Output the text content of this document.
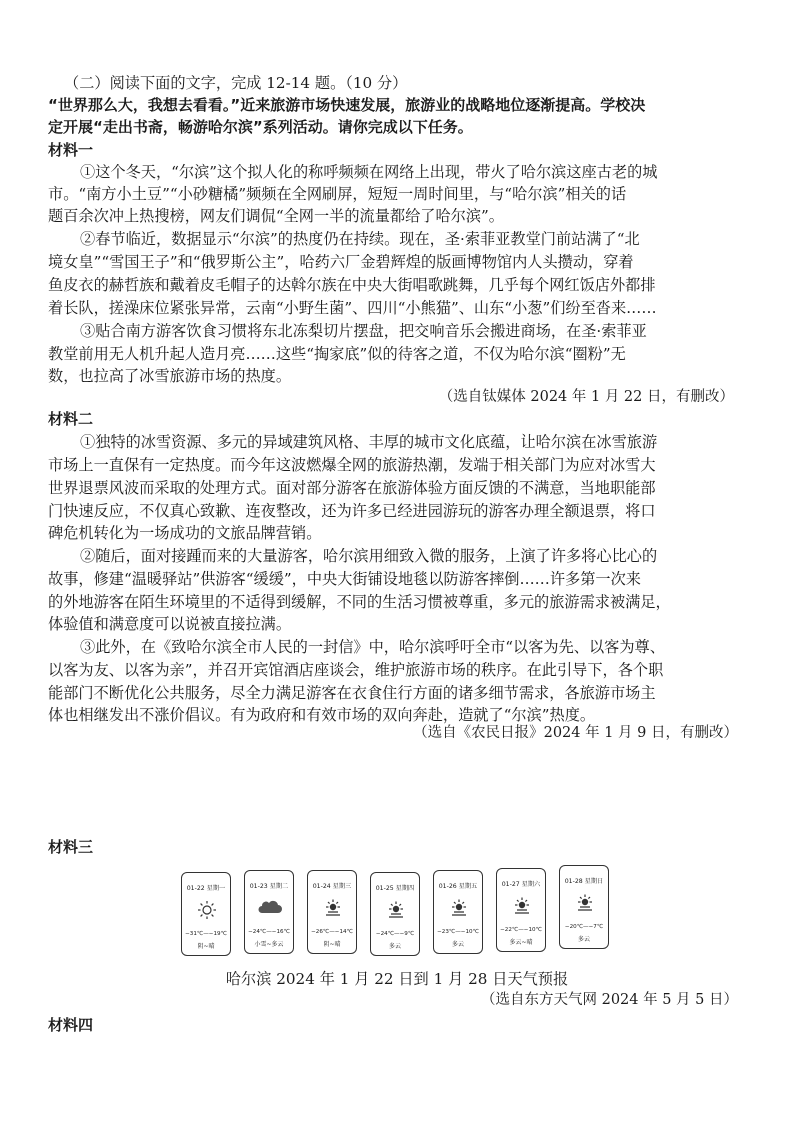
（二）阅读下面的文字，完成 12-14 题。（10 分）
“世界那么大，我想去看看。”近来旅游市场快速发展，旅游业的战略地位逐渐提高。学校决
定开展“走出书斋，畅游哈尔滨”系列活动。请你完成以下任务。
材料一
①这个冬天，“尔滨”这个拟人化的称呼频频在网络上出现，带火了哈尔滨这座古老的城
市。“南方小土豆”“小砂糖橘”频频在全网刷屏，短短一周时间里，与“哈尔滨”相关的话
题百余次冲上热搜榜，网友们调侃“全网一半的流量都给了哈尔滨”。
②春节临近，数据显示“尔滨”的热度仍在持续。现在，圣·索菲亚教堂门前站满了“北
境女皇”“雪国王子”和“俄罗斯公主”，哈药六厂金碧辉煌的版画博物馆内人头攒动，穿着
鱼皮衣的赫哲族和戴着皮毛帽子的达斡尔族在中央大街唱歌跳舞，几乎每个网红饭店外都排
着长队，搓澡床位紧张异常，云南“小野生菌”、四川“小熊猫”、山东“小葱”们纷至沓来……
③贴合南方游客饮食习惯将东北冻梨切片摆盘，把交响音乐会搬进商场，在圣·索菲亚
教堂前用无人机升起人造月亮……这些“掏家底”似的待客之道，不仅为哈尔滨“圈粉”无
数，也拉高了冰雪旅游市场的热度。
（选自钛媒体 2024 年 1 月 22 日，有删改）
材料二
①独特的冰雪资源、多元的异域建筑风格、丰厚的城市文化底蕴，让哈尔滨在冰雪旅游
市场上一直保有一定热度。而今年这波燃爆全网的旅游热潮，发端于相关部门为应对冰雪大
世界退票风波而采取的处理方式。面对部分游客在旅游体验方面反馈的不满意，当地职能部
门快速反应，不仅真心致歉、连夜整改，还为许多已经进园游玩的游客办理全额退票，将口
碑危机转化为一场成功的文旅品牌营销。
②随后，面对接踵而来的大量游客，哈尔滨用细致入微的服务，上演了许多将心比心的
故事，修建“温暖驿站”供游客“缓缓”，中央大街铺设地毯以防游客摔倒……许多第一次来
的外地游客在陌生环境里的不适得到缓解，不同的生活习惯被尊重，多元的旅游需求被满足，
体验值和满意度可以说被直接拉满。
③此外，在《致哈尔滨全市人民的一封信》中，哈尔滨呼吁全市“以客为先、以客为尊、
以客为友、以客为亲”，并召开宾馆酒店座谈会，维护旅游市场的秩序。在此引导下，各个职
能部门不断优化公共服务，尽全力满足游客在衣食住行方面的诸多细节需求，各旅游市场主
体也相继发出不涨价倡议。有为政府和有效市场的双向奔赴，造就了“尔滨”热度。
（选自《农民日报》2024 年 1 月 9 日，有删改）
材料三
01-22 星期一
−31℃—−19℃
阴~晴
01-23 星期二
−24℃—−16℃
小雪~多云
01-24 星期三
−26℃—−14℃
阴~晴
01-25 星期四
−24℃—−9℃
多云
01-26 星期五
−23℃—−10℃
多云
01-27 星期六
−22℃—−10℃
多云~晴
01-28 星期日
−20℃—−7℃
多云
哈尔滨 2024 年 1 月 22 日到 1 月 28 日天气预报
（选自东方天气网 2024 年 5 月 5 日）
材料四
